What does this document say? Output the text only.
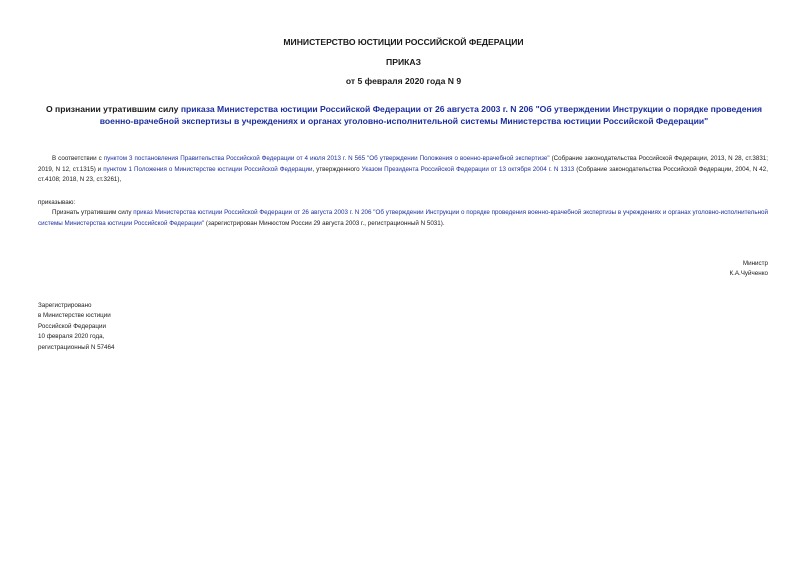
МИНИСТЕРСТВО ЮСТИЦИИ РОССИЙСКОЙ ФЕДЕРАЦИИ
ПРИКАЗ
от 5 февраля 2020 года N 9
О признании утратившим силу приказа Министерства юстиции Российской Федерации от 26 августа 2003 г. N 206 "Об утверждении Инструкции о порядке проведения военно-врачебной экспертизы в учреждениях и органах уголовно-исполнительной системы Министерства юстиции Российской Федерации"
В соответствии с пунктом 3 постановления Правительства Российской Федерации от 4 июля 2013 г. N 565 "Об утверждении Положения о военно-врачебной экспертизе" (Собрание законодательства Российской Федерации, 2013, N 28, ст.3831; 2019, N 12, ст.1315) и пунктом 1 Положения о Министерстве юстиции Российской Федерации, утвержденного Указом Президента Российской Федерации от 13 октября 2004 г. N 1313 (Собрание законодательства Российской Федерации, 2004, N 42, ст.4108; 2018, N 23, ст.3261),
приказываю:
Признать утратившим силу приказ Министерства юстиции Российской Федерации от 26 августа 2003 г. N 206 "Об утверждении Инструкции о порядке проведения военно-врачебной экспертизы в учреждениях и органах уголовно-исполнительной системы Министерства юстиции Российской Федерации" (зарегистрирован Минюстом России 29 августа 2003 г., регистрационный N 5031).
Министр
К.А.Чуйченко
Зарегистрировано
в Министерстве юстиции
Российской Федерации
10 февраля 2020 года,
регистрационный N 57464
